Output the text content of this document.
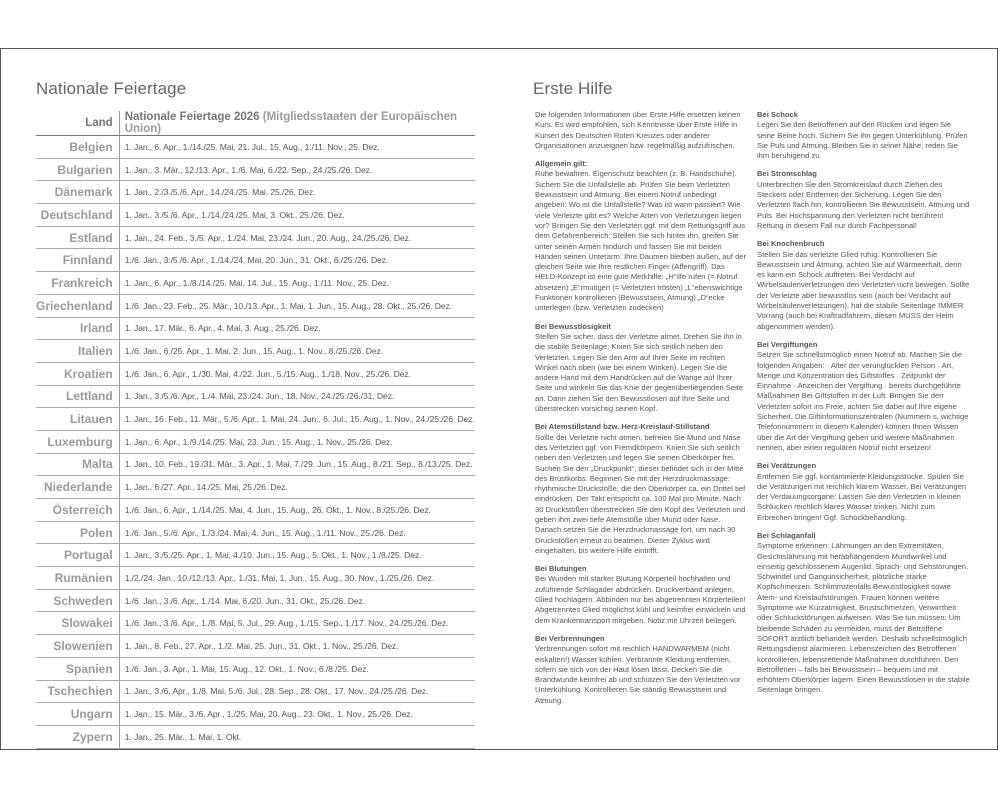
Nationale Feiertage
Land	Nationale Feiertage 2026 (Mitgliedsstaaten der Europäischen Union)
Belgien	1. Jan., 6. Apr., 1./14./25. Mai, 21. Jul., 15. Aug., 1./11. Nov., 25. Dez.
Bulgarien	1. Jan., 3. Mär., 12./13. Apr., 1./6. Mai, 6./22. Sep., 24./25./26. Dez.
Dänemark	1. Jan., 2./3./5./6. Apr., 14./24./25. Mai, 25./26. Dez.
Deutschland	1. Jan., 3./5./6. Apr., 1./14./24./25. Mai, 3. Okt., 25./26. Dez.
Estland	1. Jan., 24. Feb., 3./5. Apr., 1./24. Mai, 23./24. Jun., 20. Aug., 24./25./26. Dez.
Finnland	1./6. Jan., 3./5./6. Apr., 1./14./24. Mai, 20. Jun., 31. Okt., 6./25./26. Dez.
Frankreich	1. Jan., 6. Apr., 1./8./14./25. Mai, 14. Jul., 15. Aug., 1./11. Nov., 25. Dez.
Griechenland	1./6. Jan., 23. Feb., 25. Mär., 10./13. Apr., 1. Mai, 1. Jun., 15. Aug., 28. Okt., 25./26. Dez.
Irland	1. Jan., 17. Mär., 6. Apr., 4. Mai, 3. Aug., 25./26. Dez.
Italien	1./6. Jan., 6./25. Apr., 1. Mai, 2. Jun., 15. Aug., 1. Nov., 8./25./26. Dez.
Kroatien	1./6. Jan., 6. Apr., 1./30. Mai, 4./22. Jun., 5./15. Aug., 1./18. Nov., 25./26. Dez.
Lettland	1. Jan., 3./5./6. Apr., 1./4. Mai, 23./24. Jun., 18. Nov., 24./25./26./31. Dez.
Litauen	1. Jan., 16. Feb., 11. Mär., 5./6. Apr., 1. Mai, 24. Jun., 6. Jul., 15. Aug., 1. Nov., 24./25./26. Dez.
Luxemburg	1. Jan., 6. Apr., 1./9./14./25. Mai, 23. Jun., 15. Aug., 1. Nov., 25./26. Dez.
Malta	1. Jan., 10. Feb., 19./31. Mär., 3. Apr., 1. Mai, 7./29. Jun., 15. Aug., 8./21. Sep., 8./13./25. Dez.
Niederlande	1. Jan., 6./27. Apr., 14./25. Mai, 25./26. Dez.
Österreich	1./6. Jan., 6. Apr., 1./14./25. Mai, 4. Jun., 15. Aug., 26. Okt., 1. Nov., 8./25./26. Dez.
Polen	1./6. Jan., 5./6. Apr., 1./3./24. Mai, 4. Jun., 15. Aug., 1./11. Nov., 25./26. Dez.
Portugal	1. Jan., 3./5./25. Apr., 1. Mai, 4./10. Jun., 15. Aug., 5. Okt., 1. Nov., 1./8./25. Dez.
Rumänien	1./2./24. Jan., 10./12./13. Apr., 1./31. Mai, 1. Jun., 15. Aug., 30. Nov., 1./25./26. Dez.
Schweden	1./6. Jan., 3./6. Apr., 1./14. Mai, 6./20. Jun., 31. Okt., 25./26. Dez.
Slowakei	1./6. Jan., 3./6. Apr., 1./8. Mai, 5. Jul., 29. Aug., 1./15. Sep., 1./17. Nov., 24./25./26. Dez.
Slowenien	1. Jan., 8. Feb., 27. Apr., 1./2. Mai, 25. Jun., 31. Okt., 1. Nov., 25./26. Dez.
Spanien	1./6. Jan., 3. Apr., 1. Mai, 15. Aug., 12. Okt., 1. Nov., 6./8./25. Dez.
Tschechien	1. Jan., 3./6. Apr., 1./8. Mai, 5./6. Jul., 28. Sep., 28. Okt., 17. Nov., 24./25./26. Dez.
Ungarn	1. Jan., 15. Mär., 3./6. Apr., 1./25. Mai, 20. Aug., 23. Okt., 1. Nov., 25./26. Dez.
Zypern	1. Jan., 25. Mär., 1. Mai, 1. Okt.
Erste Hilfe

Die folgenden Informationen über Erste Hilfe ersetzen keinen Kurs. Es wird empfohlen, sich Kenntnisse über Erste Hilfe in Kursen des Deutschen Roten Kreuzes oder anderer Organisationen anzueignen bzw. regelmäßig aufzufrischen.

Allgemein gilt:

Ruhe bewahren. Eigenschutz beachten (z. B. Handschuhe). Sichern Sie die Unfallstelle ab. Prüfen Sie beim Verletzten Bewusstsein und Atmung. Bei einem Notruf unbedingt angeben: Wo ist die Unfallstelle? Was ist wann passiert? Wie viele Verletzte gibt es? Welche Arten von Verletzungen liegen vor? Bringen Sie den Verletzten ggf. mit dem Rettungsgriff aus dem Gefahrenbereich: Stellen Sie sich hinter ihn, greifen Sie unter seinen Armen hindurch und fassen Sie mit beiden Händen seinen Unterarm. Ihre Daumen bleiben außen, auf der gleichen Seite wie Ihre restlichen Finger (Affengriff). Das HELD-Konzept ist eine gute Merkhilfe: „H“ilfe rufen (= Notruf absetzen) „E“rmutigen (= Verletzten trösten) „L“ebenswichtige Funktionen kontrollieren (Bewusstsein, Atmung) „D“ecke unterlegen (bzw. Verletzten zudecken)

Bei Bewusstlosigkeit

Stellen Sie sicher, dass der Verletzte atmet. Drehen Sie ihn in die stabile Seitenlage: Knien Sie sich seitlich neben den Verletzten. Legen Sie den Arm auf Ihrer Seite im rechten Winkel nach oben (wie bei einem Winken). Legen Sie die andere Hand mit dem Handrücken auf die Wange auf Ihrer Seite und winkeln Sie das Knie der gegenüberliegenden Seite an. Dann ziehen Sie den Bewusstlosen auf Ihre Seite und überstrecken vorsichtig seinen Kopf.

Bei Atemstillstand bzw. Herz-Kreislauf-Stillstand

Sollte der Verletzte nicht atmen, befreien Sie Mund und Nase des Verletzten ggf. von Fremdkörpern. Knien Sie sich seitlich neben den Verletzten und legen Sie seinen Oberkörper frei. Suchen Sie den „Druckpunkt“, dieser befindet sich in der Mitte des Brustkorbs. Beginnen Sie mit der Herzdruckmassage: rhythmische Druckstöße, die den Oberkörper ca. ein Drittel tief eindrücken. Der Takt entspricht ca. 100 Mal pro Minute. Nach 30 Druckstößen überstrecken Sie den Kopf des Verletzten und geben ihm zwei tiefe Atemstöße über Mund oder Nase. Danach setzen Sie die Herzdruckmassage fort, um nach 30 Druckstößen erneut zu beatmen. Dieser Zyklus wird eingehalten, bis weitere Hilfe eintrifft.

Bei Blutungen

Bei Wunden mit starker Blutung Körperteil hochhalten und zuführende Schlagader abdrücken. Druckverband anlegen, Glied hochlagern. Abbinden nur bei abgetrennten Körperteilen! Abgetrenntes Glied möglichst kühl und keimfrei einwickeln und dem Krankentransport mitgeben. Notiz mit Uhrzeit beilegen.

Bei Verbrennungen

Verbrennungen sofort mit reichlich HANDWARMEM (nicht eiskalten!) Wasser kühlen. Verbrannte Kleidung entfernen, sofern sie sich von der Haut lösen lässt. Decken Sie die Brandwunde keimfrei ab und schützen Sie den Verletzten vor Unterkühlung. Kontrollieren Sie ständig Bewusstsein und Atmung.

Bei Schock

Legen Sie den Betroffenen auf den Rücken und legen Sie seine Beine hoch. Sichern Sie ihn gegen Unterkühlung. Prüfen Sie Puls und Atmung. Bleiben Sie in seiner Nähe, reden Sie ihm beruhigend zu.

Bei Stromschlag

Unterbrechen Sie den Stromkreislauf durch Ziehen des Steckers oder Entfernen der Sicherung. Legen Sie den Verletzten flach hin, kontrollieren Sie Bewusstsein, Atmung und Puls. Bei Hochspannung den Verletzten nicht berühren! Rettung in diesem Fall nur durch Fachpersonal!

Bei Knochenbruch

Stellen Sie das verletzte Glied ruhig. Kontrollieren Sie Bewusstsein und Atmung, achten Sie auf Wärmeerhalt, denn es kann ein Schock auftreten. Bei Verdacht auf Wirbelsäulenverletzungen den Verletzten nicht bewegen. Sollte der Verletzte aber bewusstlos sein (auch bei Verdacht auf Wirbelsäulenverletzungen), hat die stabile Seitenlage IMMER Vorrang (auch bei Kraftradfahrern, diesen MUSS der Helm abgenommen werden).

Bei Vergiftungen

Setzen Sie schnellstmöglich einen Notruf ab. Machen Sie die folgenden Angaben: · Alter der verunglückten Person · Art, Menge und Konzentration des Giftstoffes · Zeitpunkt der Einnahme · Anzeichen der Vergiftung · bereits durchgeführte Maßnahmen Bei Giftstoffen in der Luft: Bringen Sie den Verletzten sofort ins Freie, achten Sie dabei auf Ihre eigene Sicherheit. Die Giftinformationszentralen (Nummern s. wichtige Telefonnummern in diesem Kalender) können Ihnen Wissen über die Art der Vergiftung geben und weitere Maßnahmen nennen, aber einen regulären Notruf nicht ersetzen!

Bei Verätzungen

Entfernen Sie ggf. kontaminierte Kleidungsstücke. Spülen Sie die Verätzungen mit reichlich klarem Wasser. Bei Verätzungen der Verdauungsorgane: Lassen Sie den Verletzten in kleinen Schlucken reichlich klares Wasser trinken. Nicht zum Erbrechen bringen! Ggf. Schockbehandlung.

Bei Schlaganfall

Symptome erkennen: Lähmungen an den Extremitäten, Gesichtslähmung mit herabhängendem Mundwinkel und einseitig geschlossenem Augenlid, Sprach- und Sehstörungen, Schwindel und Gangunsicherheit, plötzliche starke Kopfschmerzen. Schlimmstenfalls Bewusstlosigkeit sowie Atem- und Kreislaufstörungen. Frauen können weitere Symptome wie Kurzatmigkeit, Brustschmerzen, Verwirrtheit oder Schluckstörungen aufweisen. Was Sie tun müssen: Um bleibende Schäden zu vermeiden, muss der Betroffene SOFORT ärztlich behandelt werden. Deshalb schnellstmöglich Rettungsdienst alarmieren. Lebenszeichen des Betroffenen kontrollieren, lebensrettende Maßnahmen durchführen. Den Betroffenen – falls bei Bewusstsein – bequem und mit erhöhtem Oberkörper lagern. Einen Bewusstlosen in die stabile Seitenlage bringen.
